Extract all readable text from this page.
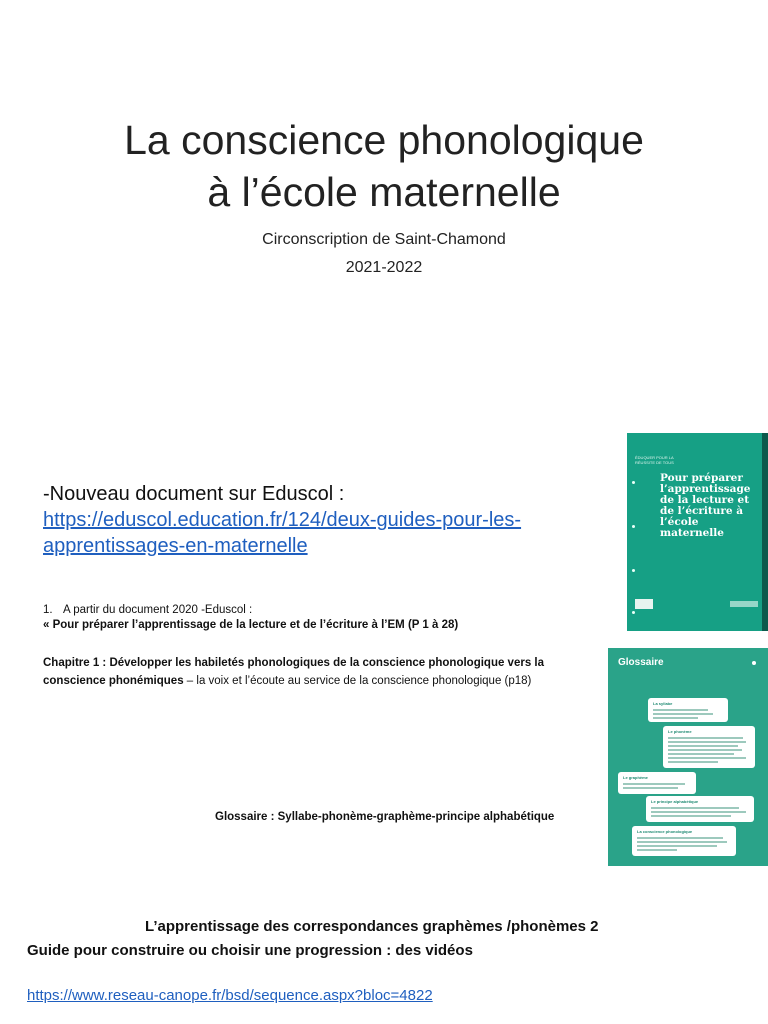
La conscience phonologique
à l’école maternelle
Circonscription de Saint-Chamond
2021-2022
-Nouveau document sur Eduscol :
https://eduscol.education.fr/124/deux-guides-pour-les-
apprentissages-en-maternelle
1. A partir du document 2020 -Eduscol :
« Pour préparer l’apprentissage de la lecture et de l’écriture à l’EM (P 1 à 28)
Chapitre 1 : Développer les habiletés phonologiques de la conscience phonologique vers la conscience phonémiques – la voix et l’écoute au service de la conscience phonologique (p18)
Glossaire : Syllabe-phonème-graphème-principe alphabétique
L’apprentissage des correspondances graphèmes /phonèmes 2
Guide pour construire ou choisir une progression : des vidéos
https://www.reseau-canope.fr/bsd/sequence.aspx?bloc=4822
ÉDUQUER POUR LA RÉUSSITE DE TOUS
Pour préparer l’apprentissage de la lecture et de l’écriture à l’école maternelle
Glossaire
La syllabe
Le phonème
Le graphème
Le principe alphabétique
La conscience phonologique
